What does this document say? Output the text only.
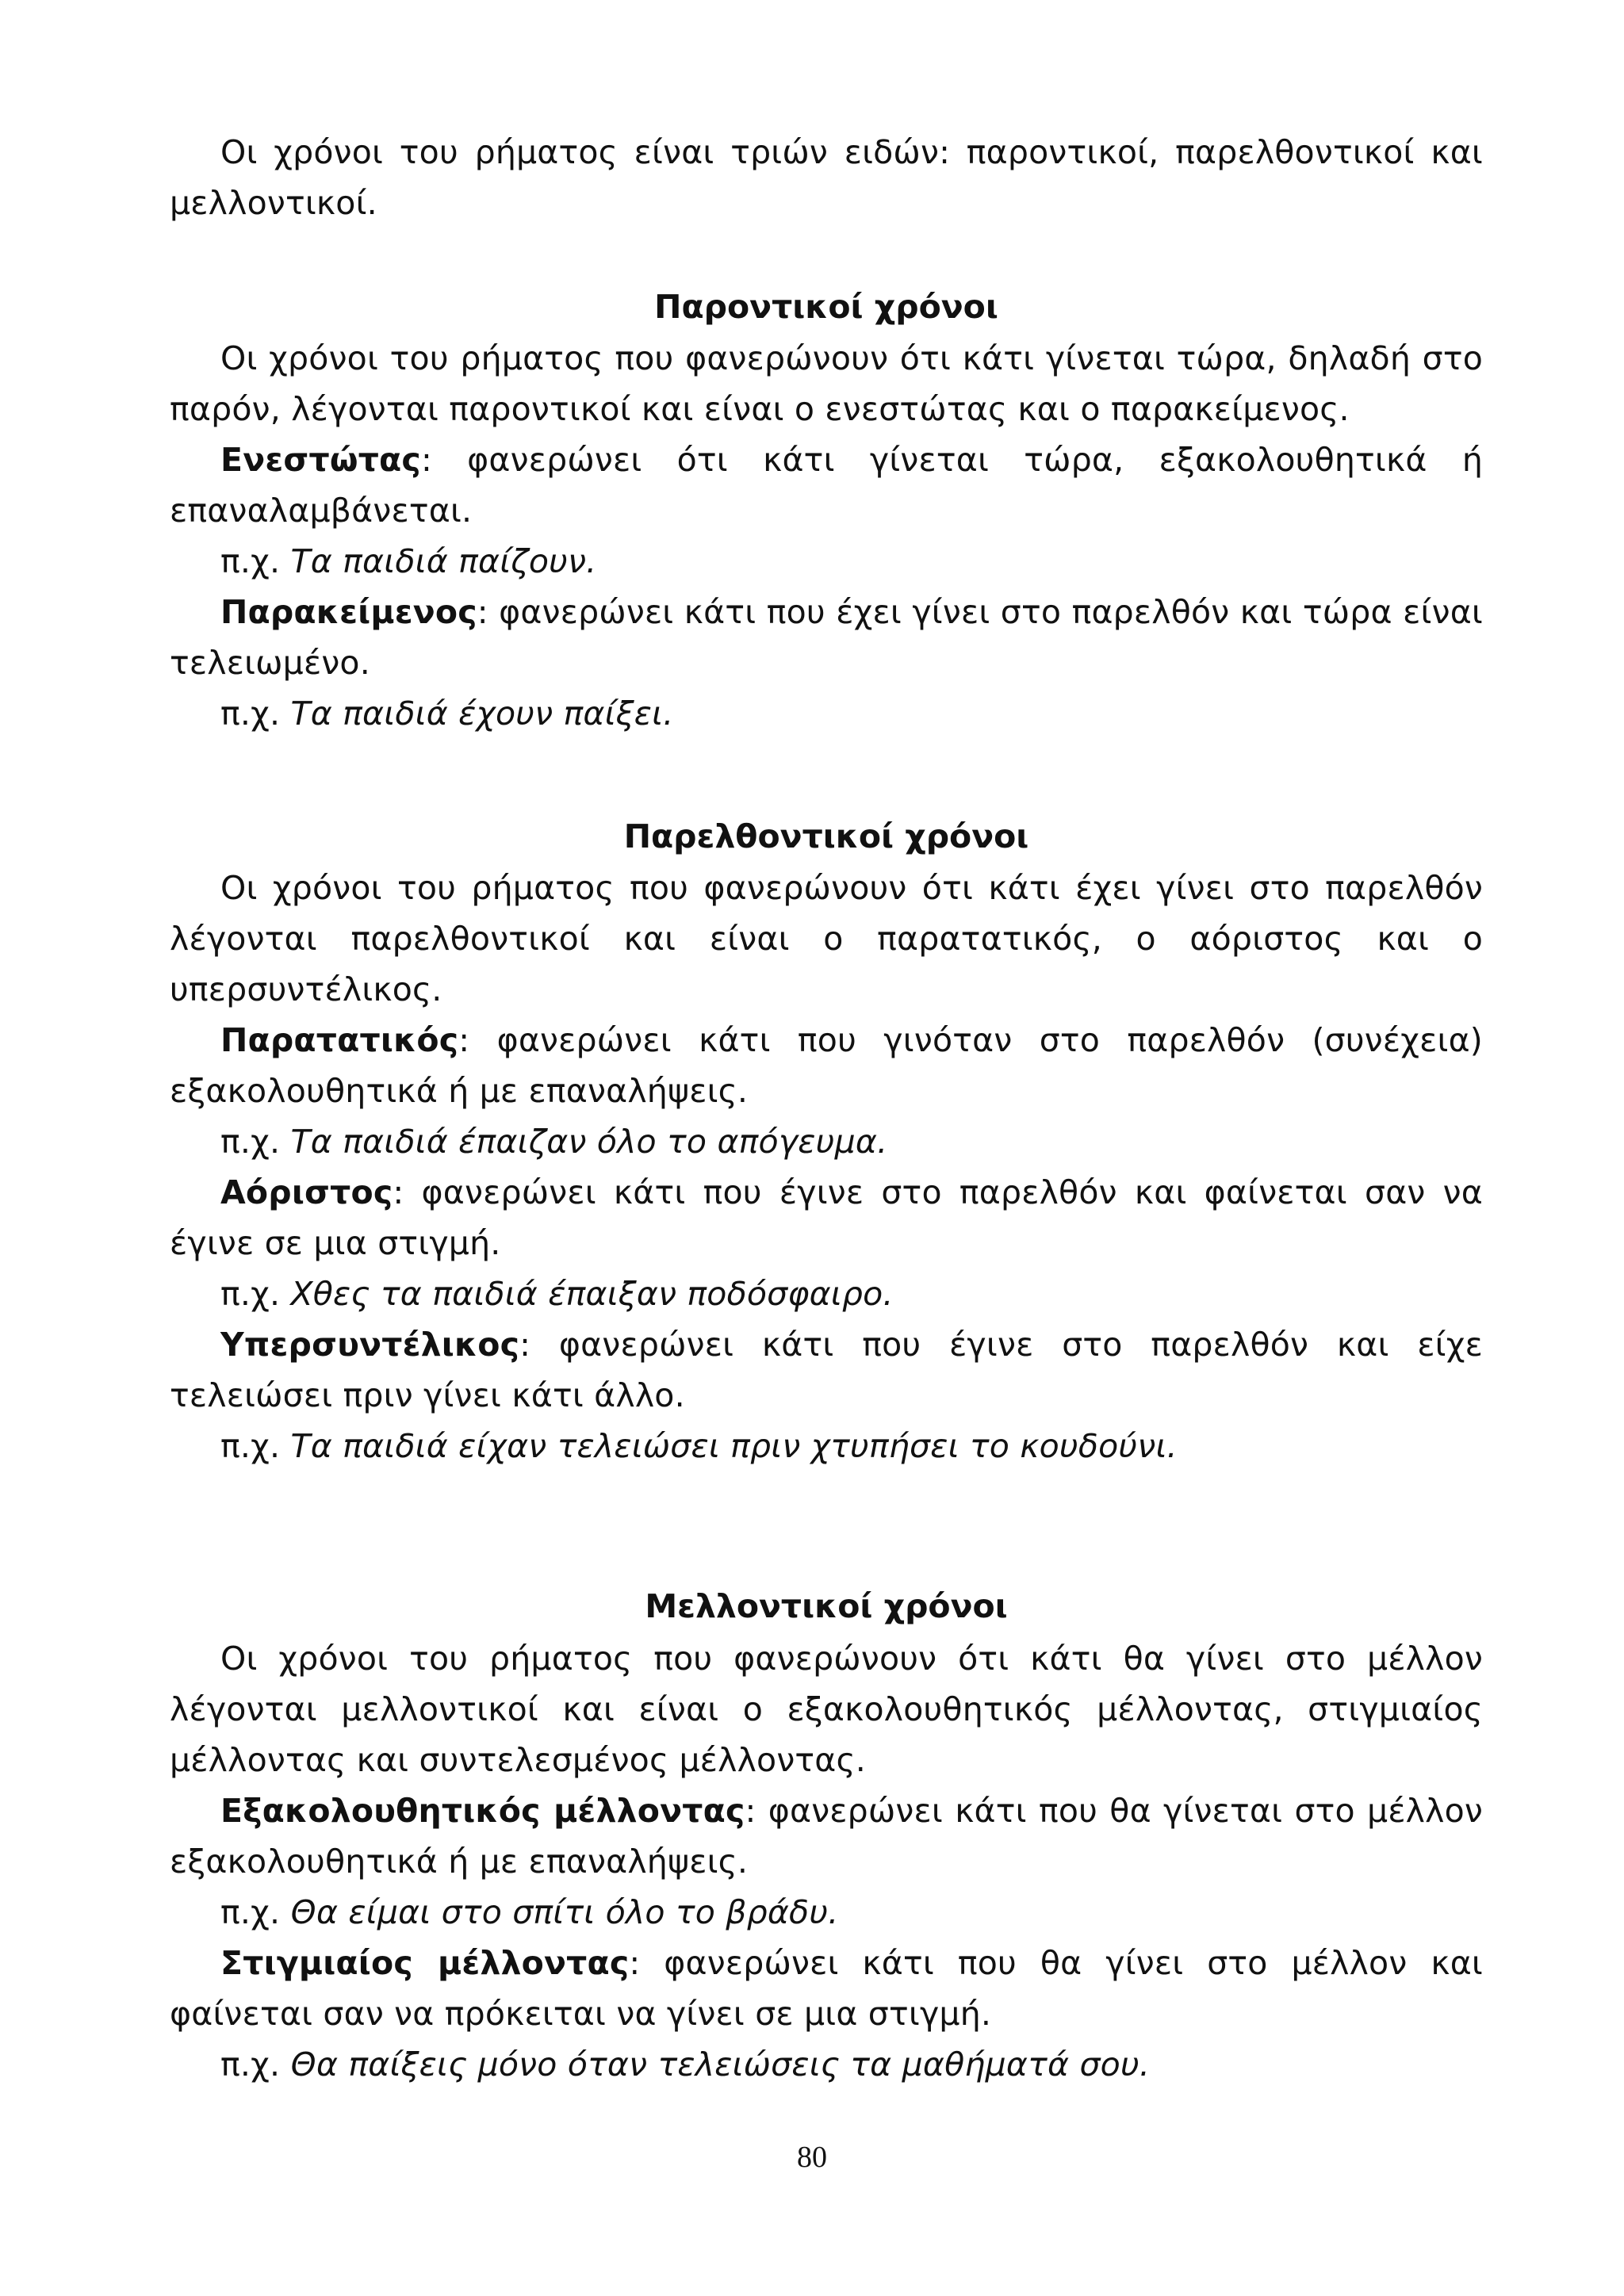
Οι χρόνοι του ρήματος είναι τριών ειδών: παροντικοί, παρελθοντικοί και μελλοντικοί.

Παροντικοί χρόνοι

Οι χρόνοι του ρήματος που φανερώνουν ότι κάτι γίνεται τώρα, δηλαδή στο παρόν, λέγονται παροντικοί και είναι ο ενεστώτας και ο παρακείμενος.

Ενεστώτας: φανερώνει ότι κάτι γίνεται τώρα, εξακολουθητικά ή επαναλαμβάνεται.

π.χ. Τα παιδιά παίζουν.

Παρακείμενος: φανερώνει κάτι που έχει γίνει στο παρελθόν και τώρα είναι τελειωμένο.

π.χ. Τα παιδιά έχουν παίξει.

Παρελθοντικοί χρόνοι

Οι χρόνοι του ρήματος που φανερώνουν ότι κάτι έχει γίνει στο παρελθόν λέγονται παρελθοντικοί και είναι ο παρατατικός, ο αόριστος και ο υπερσυντέλικος.

Παρατατικός: φανερώνει κάτι που γινόταν στο παρελθόν (συνέχεια) εξακολουθητικά ή με επαναλήψεις.

π.χ. Τα παιδιά έπαιζαν όλο το απόγευμα.

Αόριστος: φανερώνει κάτι που έγινε στο παρελθόν και φαίνεται σαν να έγινε σε μια στιγμή.

π.χ. Χθες τα παιδιά έπαιξαν ποδόσφαιρο.

Υπερσυντέλικος: φανερώνει κάτι που έγινε στο παρελθόν και είχε τελειώσει πριν γίνει κάτι άλλο.

π.χ. Τα παιδιά είχαν τελειώσει πριν χτυπήσει το κουδούνι.

Μελλοντικοί χρόνοι

Οι χρόνοι του ρήματος που φανερώνουν ότι κάτι θα γίνει στο μέλλον λέγονται μελλοντικοί και είναι ο εξακολουθητικός μέλλοντας, στιγμιαίος μέλλοντας και συντελεσμένος μέλλοντας.

Εξακολουθητικός μέλλοντας: φανερώνει κάτι που θα γίνεται στο μέλλον εξακολουθητικά ή με επαναλήψεις.

π.χ. Θα είμαι στο σπίτι όλο το βράδυ.

Στιγμιαίος μέλλοντας: φανερώνει κάτι που θα γίνει στο μέλλον και φαίνεται σαν να πρόκειται να γίνει σε μια στιγμή.

π.χ. Θα παίξεις μόνο όταν τελειώσεις τα μαθήματά σου.

80
